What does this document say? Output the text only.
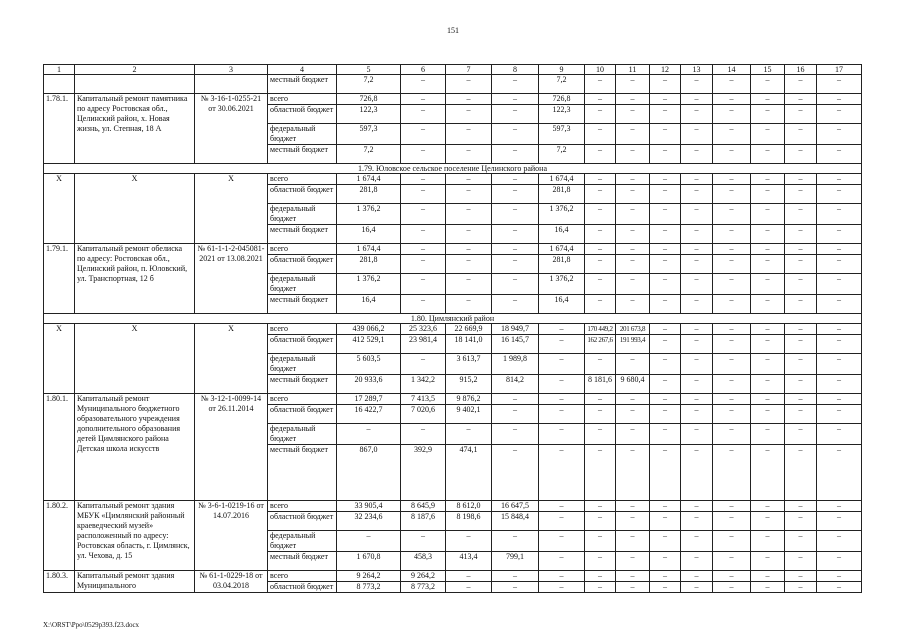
151
1	2	3	4	5	6	7	8	9	10	11	12	13	14	15	16	17
			местный бюджет	7,2	–	–	–	7,2	–	–	–	–	–	–	–	–
1.78.1.	Капитальный ремонт памятника по адресу Ростовская обл., Целинский район, х. Новая жизнь, ул. Степная, 18 А	№ 3-16-1-0255-21 от 30.06.2021	всего	726,8	–	–	–	726,8	–	–	–	–	–	–	–	–
			областной бюджет	122,3	–	–	–	122,3	–	–	–	–	–	–	–	–
			федеральный бюджет	597,3	–	–	–	597,3	–	–	–	–	–	–	–	–
			местный бюджет	7,2	–	–	–	7,2	–	–	–	–	–	–	–	–
1.79. Юловское сельское поселение Целинского района																
Х	Х	Х	всего	1 674,4	–	–	–	1 674,4	–	–	–	–	–	–	–	–
			областной бюджет	281,8	–	–	–	281,8	–	–	–	–	–	–	–	–
			федеральный бюджет	1 376,2	–	–	–	1 376,2	–	–	–	–	–	–	–	–
			местный бюджет	16,4	–	–	–	16,4	–	–	–	–	–	–	–	–
1.79.1.	Капитальный ремонт обелиска по адресу: Ростовская обл., Целинский район, п. Юловский, ул. Транспортная, 12 б	№ 61-1-1-2-045081-2021 от 13.08.2021	всего	1 674,4	–	–	–	1 674,4	–	–	–	–	–	–	–	–
			областной бюджет	281,8	–	–	–	281,8	–	–	–	–	–	–	–	–
			федеральный бюджет	1 376,2	–	–	–	1 376,2	–	–	–	–	–	–	–	–
			местный бюджет	16,4	–	–	–	16,4	–	–	–	–	–	–	–	–
1.80. Цимлянский район																
Х	Х	Х	всего	439 066,2	25 323,6	22 669,9	18 949,7	–	170 449,2	201 673,8	–	–	–	–	–	–
			областной бюджет	412 529,1	23 981,4	18 141,0	16 145,7	–	162 267,6	191 993,4	–	–	–	–	–	–
			федеральный бюджет	5 603,5	–	3 613,7	1 989,8	–	–	–	–	–	–	–	–	–
			местный бюджет	20 933,6	1 342,2	915,2	814,2	–	8 181,6	9 680,4	–	–	–	–	–	–
1.80.1.	Капитальный ремонт Муниципального бюджетного образовательного учреждения дополнительного образования детей Цимлянского района Детская школа искусств	№ 3-12-1-0099-14 от 26.11.2014	всего	17 289,7	7 413,5	9 876,2	–	–	–	–	–	–	–	–	–	–
			областной бюджет	16 422,7	7 020,6	9 402,1	–	–	–	–	–	–	–	–	–	–
			федеральный бюджет	–	–	–	–	–	–	–	–	–	–	–	–	–
			местный бюджет	867,0	392,9	474,1	–	–	–	–	–	–	–	–	–	–
1.80.2.	Капитальный ремонт здания МБУК «Цимлянский районный краеведческий музей» расположенный по адресу: Ростовская область, г. Цимлянск, ул. Чехова, д. 15	№ 3-6-1-0219-16 от 14.07.2016	всего	33 905,4	8 645,9	8 612,0	16 647,5	–	–	–	–	–	–	–	–	–
			областной бюджет	32 234,6	8 187,6	8 198,6	15 848,4	–	–	–	–	–	–	–	–	–
			федеральный бюджет	–	–	–	–	–	–	–	–	–	–	–	–	–
			местный бюджет	1 670,8	458,3	413,4	799,1	–	–	–	–	–	–	–	–	–
1.80.3.	Капитальный ремонт здания Муниципального	№ 61-1-0229-18 от 03.04.2018	всего	9 264,2	9 264,2	–	–	–	–	–	–	–	–	–	–	–
			областной бюджет	8 773,2	8 773,2	–	–	–	–	–	–	–	–	–	–	–
X:\ORST\Ppo\0529p393.f23.docx
